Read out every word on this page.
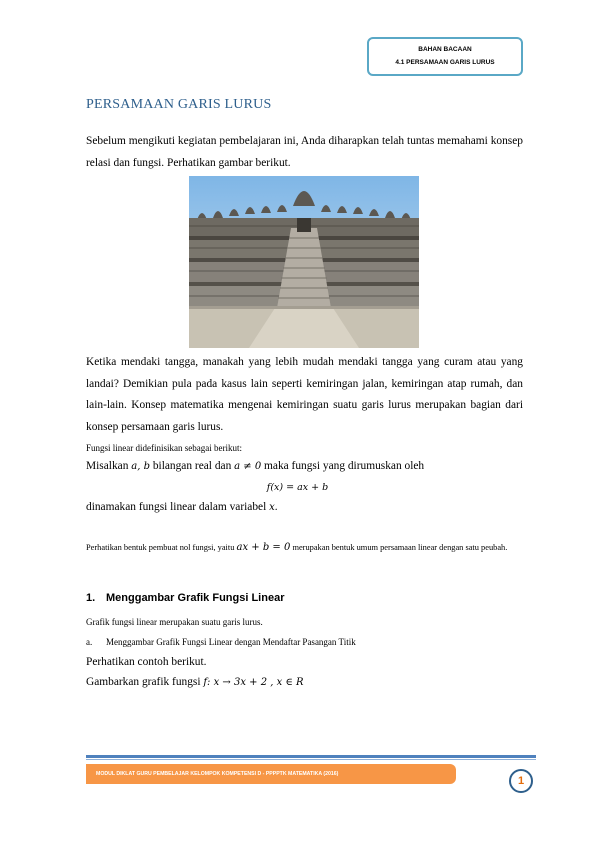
BAHAN BACAAN
4.1 PERSAMAAN GARIS LURUS
PERSAMAAN GARIS LURUS

Sebelum mengikuti kegiatan pembelajaran ini, Anda diharapkan telah tuntas memahami konsep relasi dan fungsi. Perhatikan gambar berikut.

Ketika mendaki tangga, manakah yang lebih mudah mendaki tangga yang curam atau yang landai? Demikian pula pada kasus lain seperti kemiringan jalan, kemiringan atap rumah, dan lain-lain. Konsep matematika mengenai kemiringan suatu garis lurus merupakan bagian dari konsep persamaan garis lurus.

Fungsi linear didefinisikan sebagai berikut:

Misalkan a, b bilangan real dan a ≠ 0 maka fungsi yang dirumuskan oleh

f(x) = ax + b

dinamakan fungsi linear dalam variabel x.

Perhatikan bentuk pembuat nol fungsi, yaitu ax + b = 0 merupakan bentuk umum persamaan linear dengan satu peubah.

1. Menggambar Grafik Fungsi Linear

Grafik fungsi linear merupakan suatu garis lurus.

a. Menggambar Grafik Fungsi Linear dengan Mendaftar Pasangan Titik

Perhatikan contoh berikut.

Gambarkan grafik fungsi f: x → 3x + 2 , x ∈ R

MODUL DIKLAT GURU PEMBELAJAR KELOMPOK KOMPETENSI D - PPPPTK MATEMATIKA (2016)
1
